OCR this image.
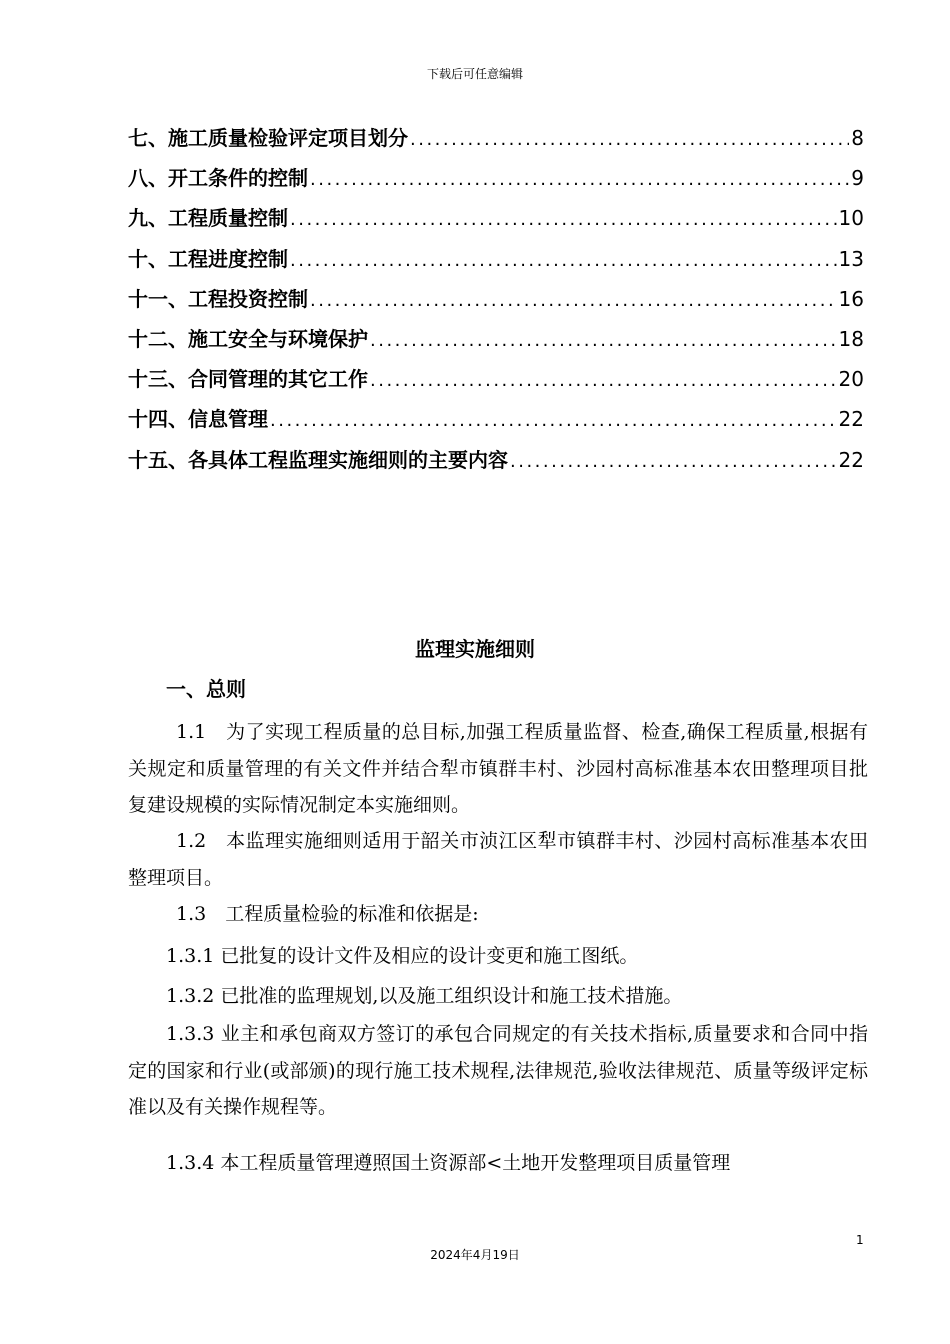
下载后可任意编辑
七、施工质量检验评定项目划分 .....	8
八、开工条件的控制 .....	9
九、工程质量控制 .....	10
十、工程进度控制 .....	13
十一、工程投资控制 .....	16
十二、施工安全与环境保护 .....	18
十三、合同管理的其它工作 .....	20
十四、信息管理 .....	22
十五、各具体工程监理实施细则的主要内容 .....	22
监理实施细则
一、总则
1.1　为了实现工程质量的总目标,加强工程质量监督、检查,确保工程质量,根据有关规定和质量管理的有关文件并结合犁市镇群丰村、沙园村高标准基本农田整理项目批复建设规模的实际情况制定本实施细则。
1.2　本监理实施细则适用于韶关市浈江区犁市镇群丰村、沙园村高标准基本农田整理项目。
1.3　工程质量检验的标准和依据是:
1.3.1 已批复的设计文件及相应的设计变更和施工图纸。
1.3.2 已批准的监理规划,以及施工组织设计和施工技术措施。
1.3.3 业主和承包商双方签订的承包合同规定的有关技术指标,质量要求和合同中指定的国家和行业(或部颁)的现行施工技术规程,法律规范,验收法律规范、质量等级评定标准以及有关操作规程等。
1.3.4 本工程质量管理遵照国土资源部<土地开发整理项目质量管理
1
2024年4月19日
